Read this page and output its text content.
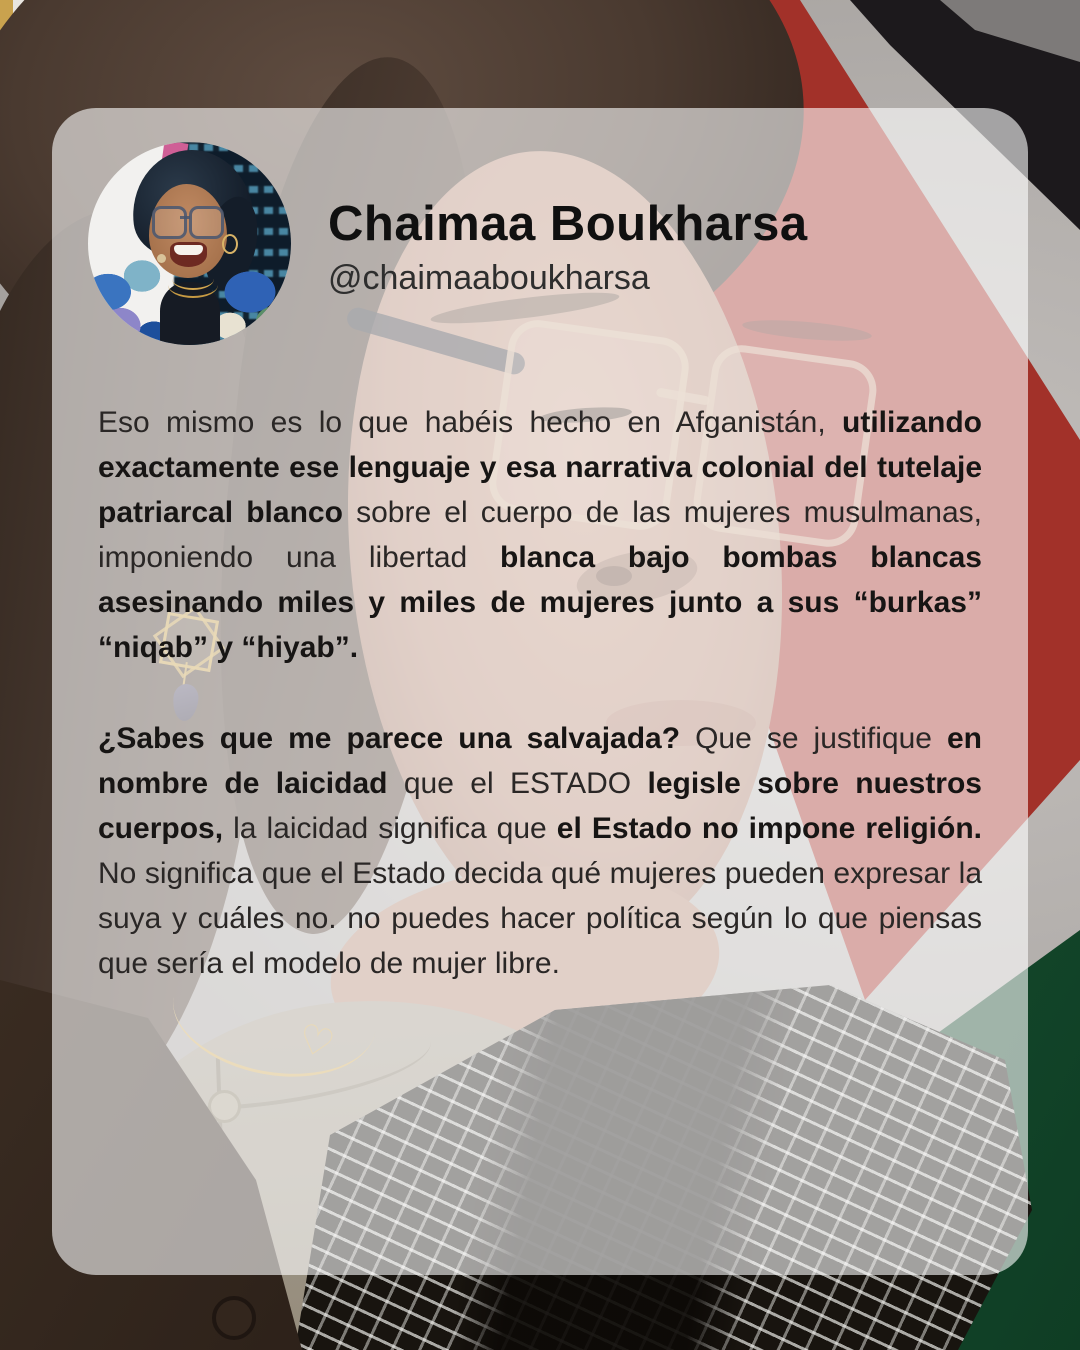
Chaimaa Boukharsa
@chaimaaboukharsa

Eso mismo es lo que habéis hecho en Afganistán, utilizando exactamente ese lenguaje y esa narrativa colonial del tutelaje patriarcal blanco sobre el cuerpo de las mujeres musulmanas, imponiendo una libertad blanca bajo bombas blancas asesinando miles y miles de mujeres junto a sus “burkas” “niqab” y “hiyab”.

¿Sabes que me parece una salvajada? Que se justifique en nombre de laicidad que el ESTADO legisle sobre nuestros cuerpos, la laicidad significa que el Estado no impone religión. No significa que el Estado decida qué mujeres pueden expresar la suya y cuáles no. no puedes hacer política según lo que piensas que sería el modelo de mujer libre.
